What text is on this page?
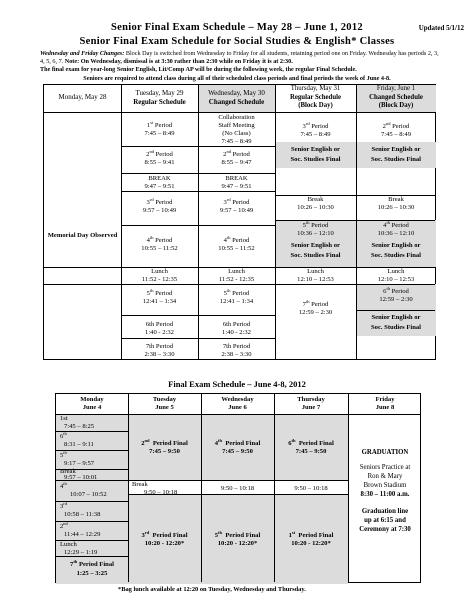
Senior Final Exam Schedule – May 28 – June 1, 2012	Updated 5/1/12
Senior Final Exam Schedule for Social Studies & English* Classes
Wednesday and Friday Changes: Block Day is switched from Wednesday to Friday for all students, retaining period one on Friday. Wednesday has periods 2, 3, 4, 5, 6, 7. Note: On Wednesday, dismissal is at 3:30 rather than 2:30 while on Friday it is at 2:30.
The final exam for year-long Senior English, Lit/Comp AP will be during the following week, the regular Final Schedule.
Seniors are required to attend class during all of their scheduled class periods and final periods the week of June 4-8.
Monday, May 28	Tuesday, May 29
Regular Schedule
Wednesday, May 30
Changed Schedule
Thursday, May 31
Regular Schedule
(Block Day)
Friday, June 1
Changed Schedule
(Block Day)
Memorial Day Observed
1st Period
7:45 – 8:49
2nd Period
8:55 – 9:41
BREAK
9:47 – 9:51
3rd Period
9:57 – 10:49
4th Period
10:55 – 11:52
Lunch
11:52 - 12:35
5th Period
12:41 – 1:34
6th Period
1:40 - 2:32
7th Period
2:38 – 3:30
Collaboration
Staff Meeting
(No Class)
7:45 – 8:49
2nd Period
8:55 – 9:47
BREAK
9:47 – 9:51
3rd Period
9:57 – 10:49
4th Period
10:55 – 11:52
Lunch
11:52 - 12:35
5th Period
12:41 – 1:34
6th Period
1:40 - 2:32
7th Period
2:38 – 3:30
3rd Period
7:45 – 8:49
Senior English or
Soc. Studies Final
Break
10:26 – 10:30
5th Period
10:36 – 12:10
Senior English or
Soc. Studies Final
Lunch
12:10 – 12:53
7th Period
12:59 – 2:30
2nd Period
7:45 – 8:49
Senior English or
Soc. Studies Final
Break
10:26 – 10:30
4th Period
10:36 – 12:10
Senior English or
Soc. Studies Final
Lunch
12:10 – 12:53
6th Period
12:59 – 2:30
Senior English or
Soc. Studies Final
Final Exam Schedule – June 4-8, 2012
Monday
June 4
Tuesday
June 5
Wednesday
June 6
Thursday
June 7
Friday
June 8
1st
7:45 – 8:25
6th
8:31 – 9:11
5th
9:17 – 9:57
Break
9:57 – 10:01
4th
10:07 – 10:52
3rd
10:58 – 11:38
2nd
11:44 – 12:29
Lunch
12:29 – 1:19
7th Period Final
1:25 – 3:25
2nd  Period Final
7:45 – 9:50
Break
9:50 – 10:18
3rd  Period Final
10:20 - 12:20*
4th  Period Final
7:45 – 9:50
9:50 – 10:18
5th  Period Final
10:20 - 12:20*
6th  Period Final
7:45 – 9:50
9:50 – 10:18
1st  Period Final
10:20 - 12:20*
GRADUATION
Seniors Practice at
Ron & Mary
Brown Stadium
8:30 – 11:00 a.m.
Graduation line
up at 6:15 and
Ceremony at 7:30
*Bag lunch available at 12:20 on Tuesday, Wednesday and Thursday.
